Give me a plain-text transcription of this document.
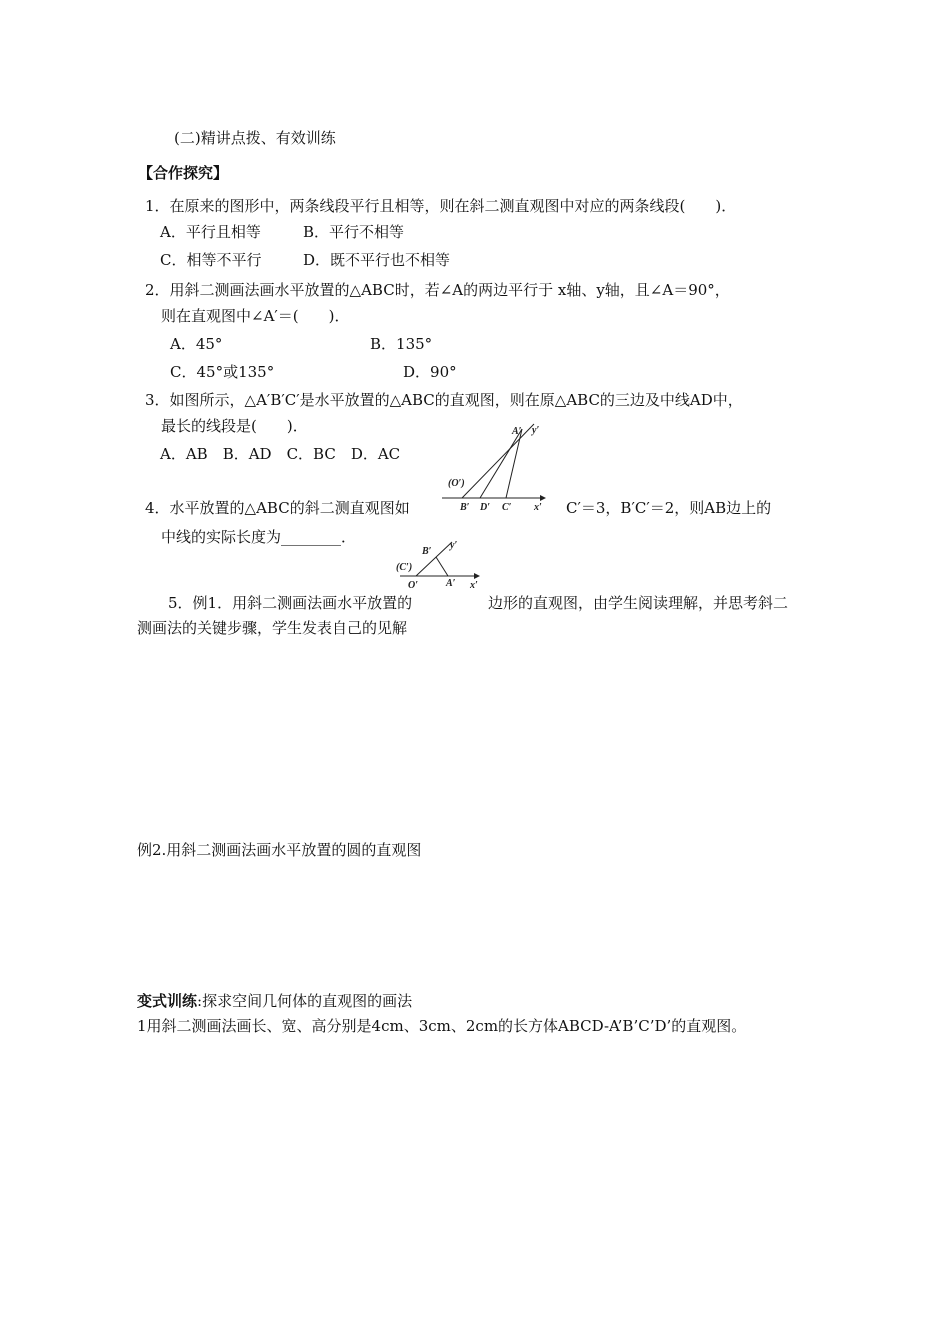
(二)精讲点拨、有效训练
【合作探究】
1．在原来的图形中，两条线段平行且相等，则在斜二测直观图中对应的两条线段(　　)．
A．平行且相等	B．平行不相等
C．相等不平行	D．既不平行也不相等
2．用斜二测画法画水平放置的△ABC时，若∠A的两边平行于 x轴、y轴，且∠A＝90°，
则在直观图中∠A′＝(　　)．
A．45°	B．135°
C．45°或135°	D．90°
3．如图所示，△A′B′C′是水平放置的△ABC的直观图，则在原△ABC的三边及中线AD中，
最长的线段是(　　)．
A．AB　B．AD　C．BC　D．AC
A′ y′
(O′)
B′ D′ C′ x′
4．水平放置的△ABC的斜二测直观图如	C′＝3，B′C′＝2，则AB边上的
中线的实际长度为________．
B′
y′
(C′)
O′	A′ x′
5．例1．用斜二测画法画水平放置的	边形的直观图，由学生阅读理解，并思考斜二
测画法的关键步骤，学生发表自己的见解
例2.用斜二测画法画水平放置的圆的直观图
变式训练:探求空间几何体的直观图的画法
1用斜二测画法画长、宽、高分别是4cm、3cm、2cm的长方体ABCD-A’B’C’D’的直观图。
